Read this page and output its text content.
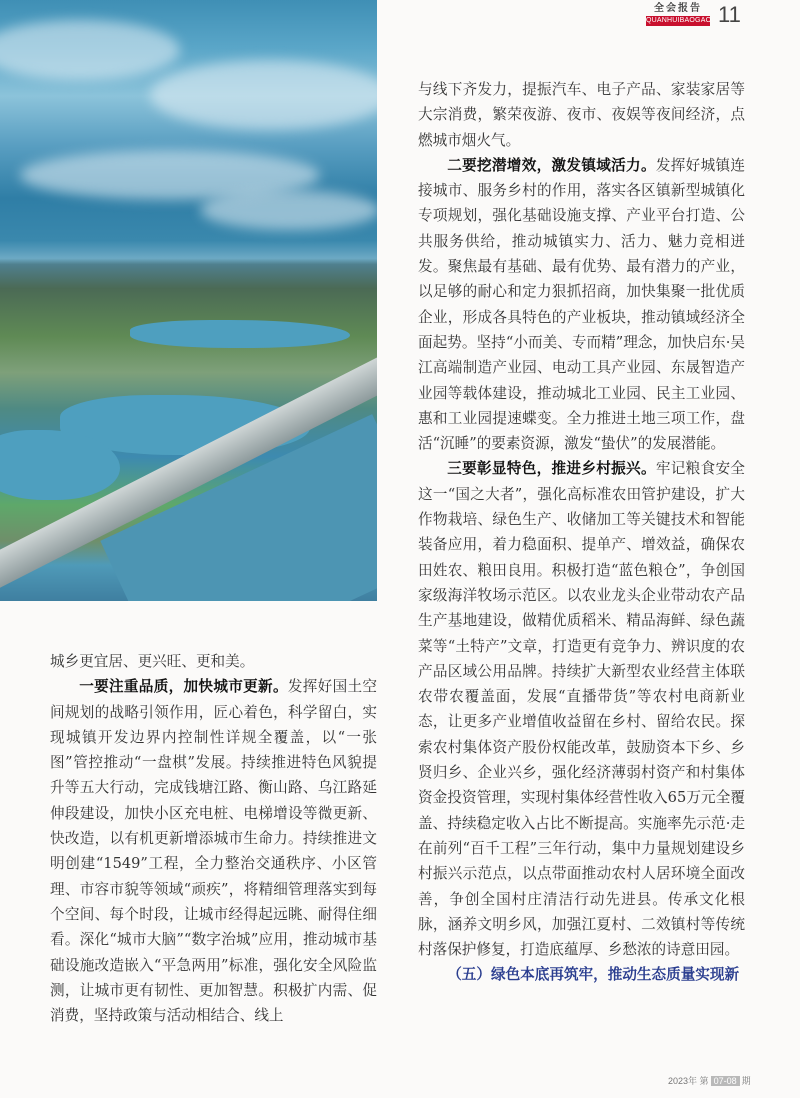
全会报告
QUANHUIBAOGAO 11

与线下齐发力，提振汽车、电子产品、家装家居等大宗消费，繁荣夜游、夜市、夜娱等夜间经济，点燃城市烟火气。

二要挖潜增效，激发镇域活力。发挥好城镇连接城市、服务乡村的作用，落实各区镇新型城镇化专项规划，强化基础设施支撑、产业平台打造、公共服务供给，推动城镇实力、活力、魅力竞相迸发。聚焦最有基础、最有优势、最有潜力的产业，以足够的耐心和定力狠抓招商，加快集聚一批优质企业，形成各具特色的产业板块，推动镇域经济全面起势。坚持“小而美、专而精”理念，加快启东·吴江高端制造产业园、电动工具产业园、东晟智造产业园等载体建设，推动城北工业园、民主工业园、惠和工业园提速蝶变。全力推进土地三项工作，盘活“沉睡”的要素资源，激发“蛰伏”的发展潜能。

三要彰显特色，推进乡村振兴。牢记粮食安全这一“国之大者”，强化高标准农田管护建设，扩大作物栽培、绿色生产、收储加工等关键技术和智能装备应用，着力稳面积、提单产、增效益，确保农田姓农、粮田良用。积极打造“蓝色粮仓”，争创国家级海洋牧场示范区。以农业龙头企业带动农产品生产基地建设，做精优质稻米、精品海鲜、绿色蔬菜等“土特产”文章，打造更有竞争力、辨识度的农产品区域公用品牌。持续扩大新型农业经营主体联农带农覆盖面，发展“直播带货”等农村电商新业态，让更多产业增值收益留在乡村、留给农民。探索农村集体资产股份权能改革，鼓励资本下乡、乡贤归乡、企业兴乡，强化经济薄弱村资产和村集体资金投资管理，实现村集体经营性收入65万元全覆盖、持续稳定收入占比不断提高。实施率先示范·走在前列“百千工程”三年行动，集中力量规划建设乡村振兴示范点，以点带面推动农村人居环境全面改善，争创全国村庄清洁行动先进县。传承文化根脉，涵养文明乡风，加强江夏村、二效镇村等传统村落保护修复，打造底蕴厚、乡愁浓的诗意田园。

（五）绿色本底再筑牢，推动生态质量实现新

城乡更宜居、更兴旺、更和美。

一要注重品质，加快城市更新。发挥好国土空间规划的战略引领作用，匠心着色，科学留白，实现城镇开发边界内控制性详规全覆盖，以“一张图”管控推动“一盘棋”发展。持续推进特色风貌提升等五大行动，完成钱塘江路、衡山路、乌江路延伸段建设，加快小区充电桩、电梯增设等微更新、快改造，以有机更新增添城市生命力。持续推进文明创建“1549”工程，全力整治交通秩序、小区管理、市容市貌等领域“顽疾”，将精细管理落实到每个空间、每个时段，让城市经得起远眺、耐得住细看。深化“城市大脑”“数字治城”应用，推动城市基础设施改造嵌入“平急两用”标准，强化安全风险监测，让城市更有韧性、更加智慧。积极扩内需、促消费，坚持政策与活动相结合、线上

2023年 第 07-08 期
